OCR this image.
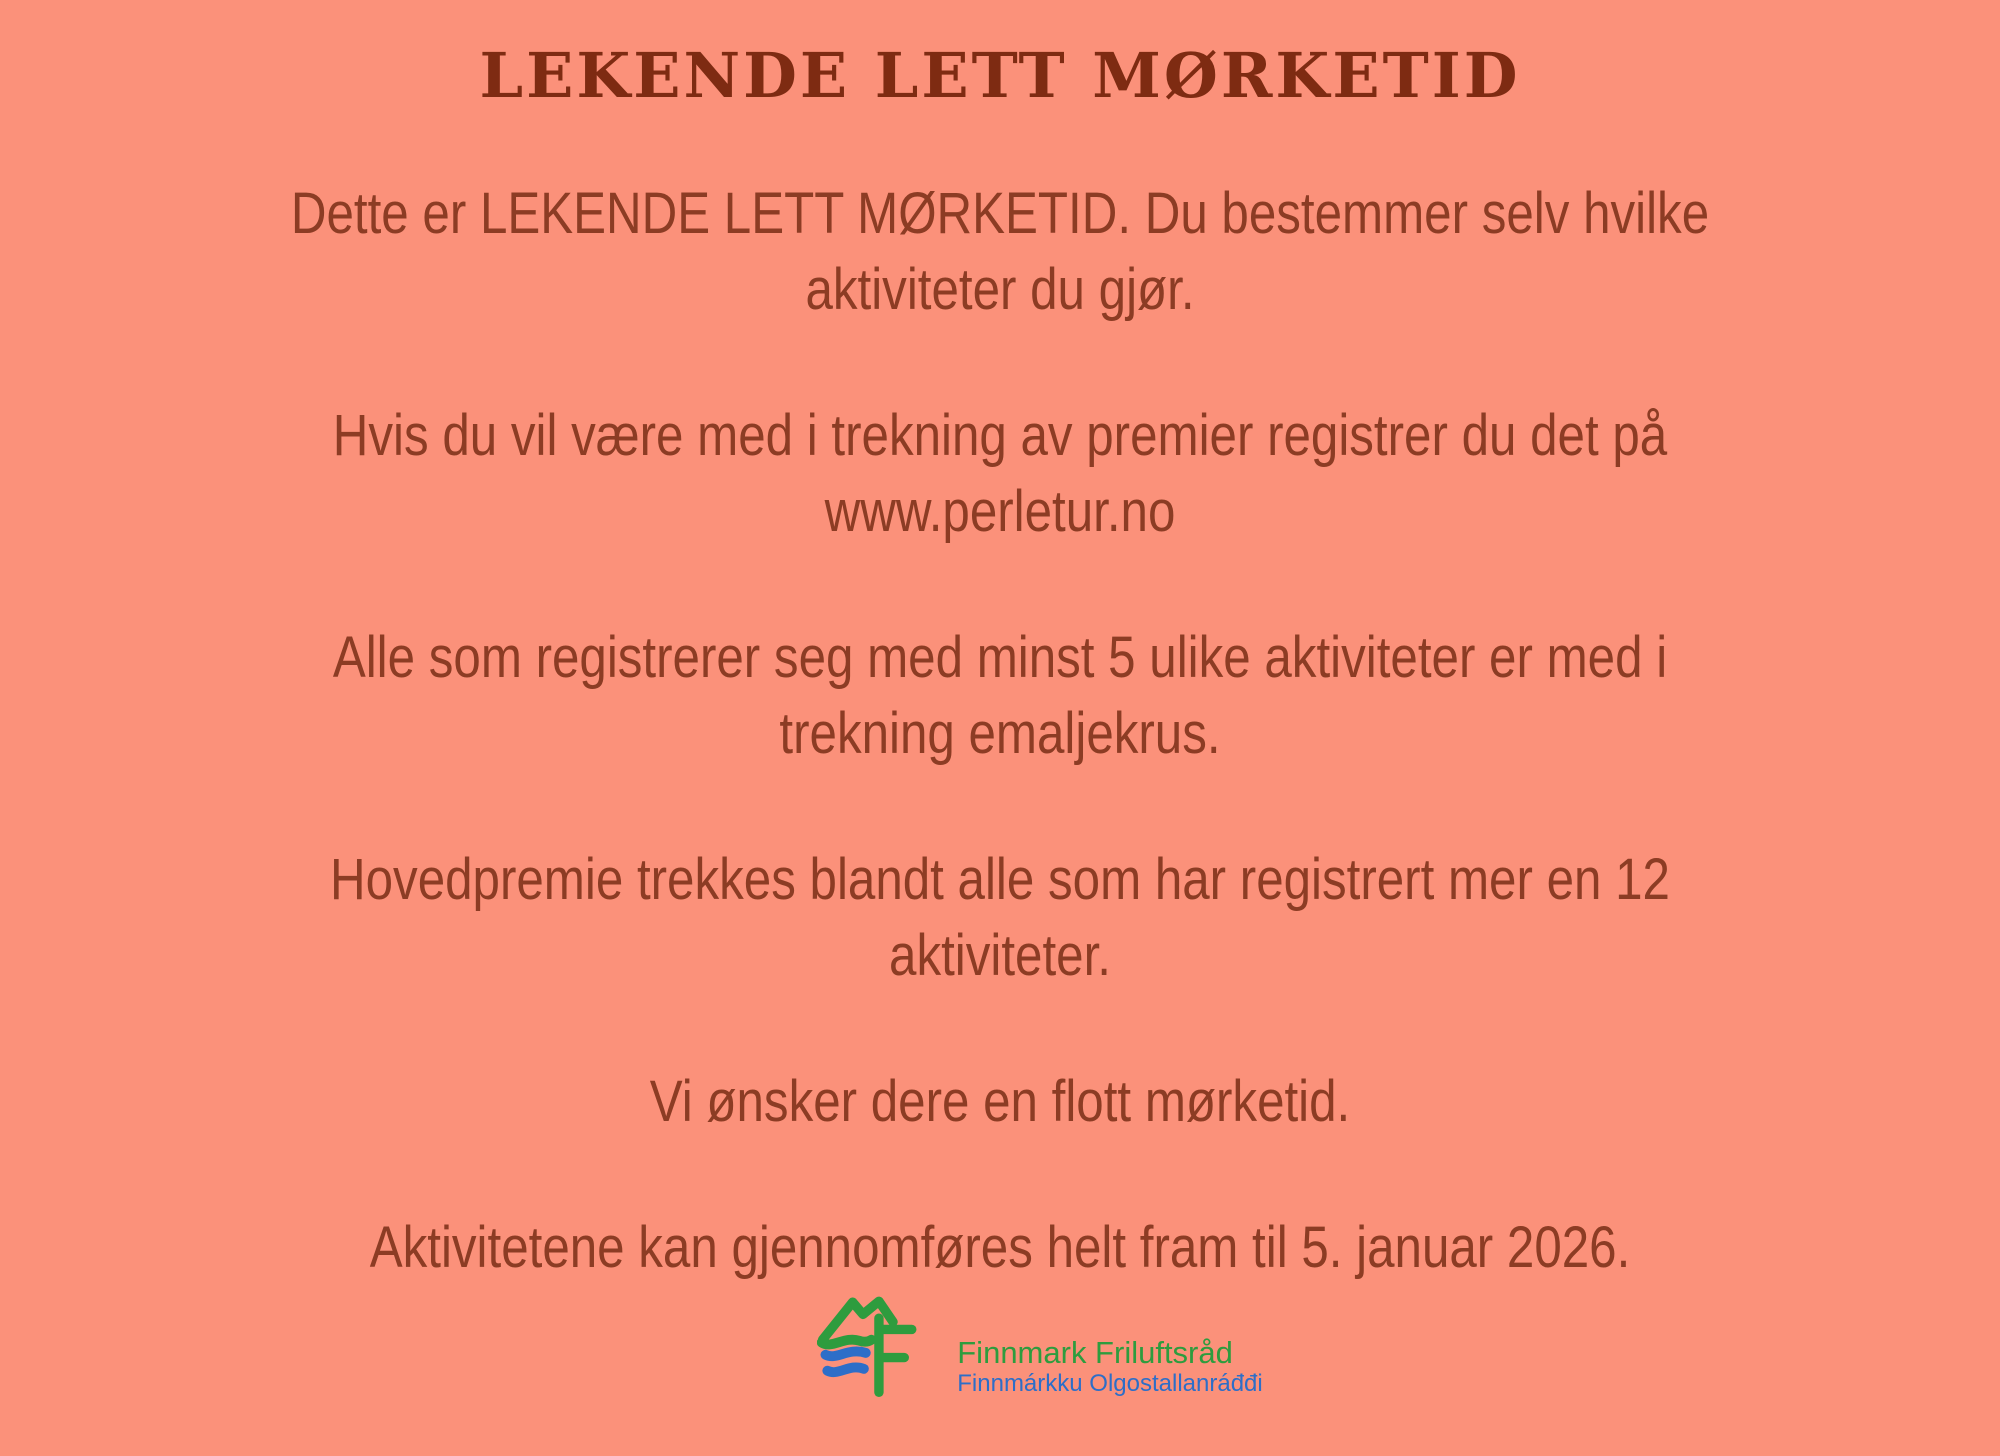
LEKENDE LETT MØRKETID

Dette er LEKENDE LETT MØRKETID. Du bestemmer selv hvilke
aktiviteter du gjør.

Hvis du vil være med i trekning av premier registrer du det på
www.perletur.no

Alle som registrerer seg med minst 5 ulike aktiviteter er med i
trekning emaljekrus.

Hovedpremie trekkes blandt alle som har registrert mer en 12
aktiviteter.

Vi ønsker dere en flott mørketid.

Aktivitetene kan gjennomføres helt fram til 5. januar 2026.

Finnmark Friluftsråd
Finnmárkku Olgostallanráđđi
